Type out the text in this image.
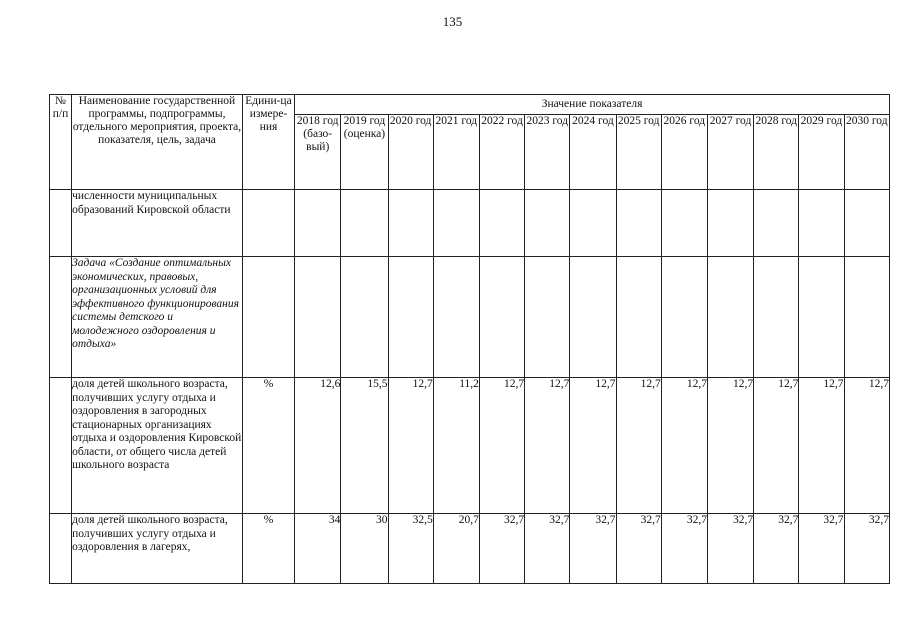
135
№ п/п	Наименование государственной программы, подпрограммы, отдельного мероприятия, проекта, показателя, цель, задача	Едини-ца измере-ния	Значение показателя												
			2018 год (базо-вый)	2019 год (оценка)	2020 год	2021 год	2022 год	2023 год	2024 год	2025 год	2026 год	2027 год	2028 год	2029 год	2030 год
	численности муниципальных образований Кировской области														
	Задача «Создание оптимальных экономических, правовых, организационных условий для эффективного функционирования системы детского и молодежного оздоровления и отдыха»														
	доля детей школьного возраста, получивших услугу отдыха и оздоровления в загородных стационарных организациях отдыха и оздоровления Кировской области, от общего числа детей школьного возраста	%	12,6	15,5	12,7	11,2	12,7	12,7	12,7	12,7	12,7	12,7	12,7	12,7	12,7
	доля детей школьного возраста, получивших услугу отдыха и оздоровления в лагерях,	%	34	30	32,5	20,7	32,7	32,7	32,7	32,7	32,7	32,7	32,7	32,7	32,7
